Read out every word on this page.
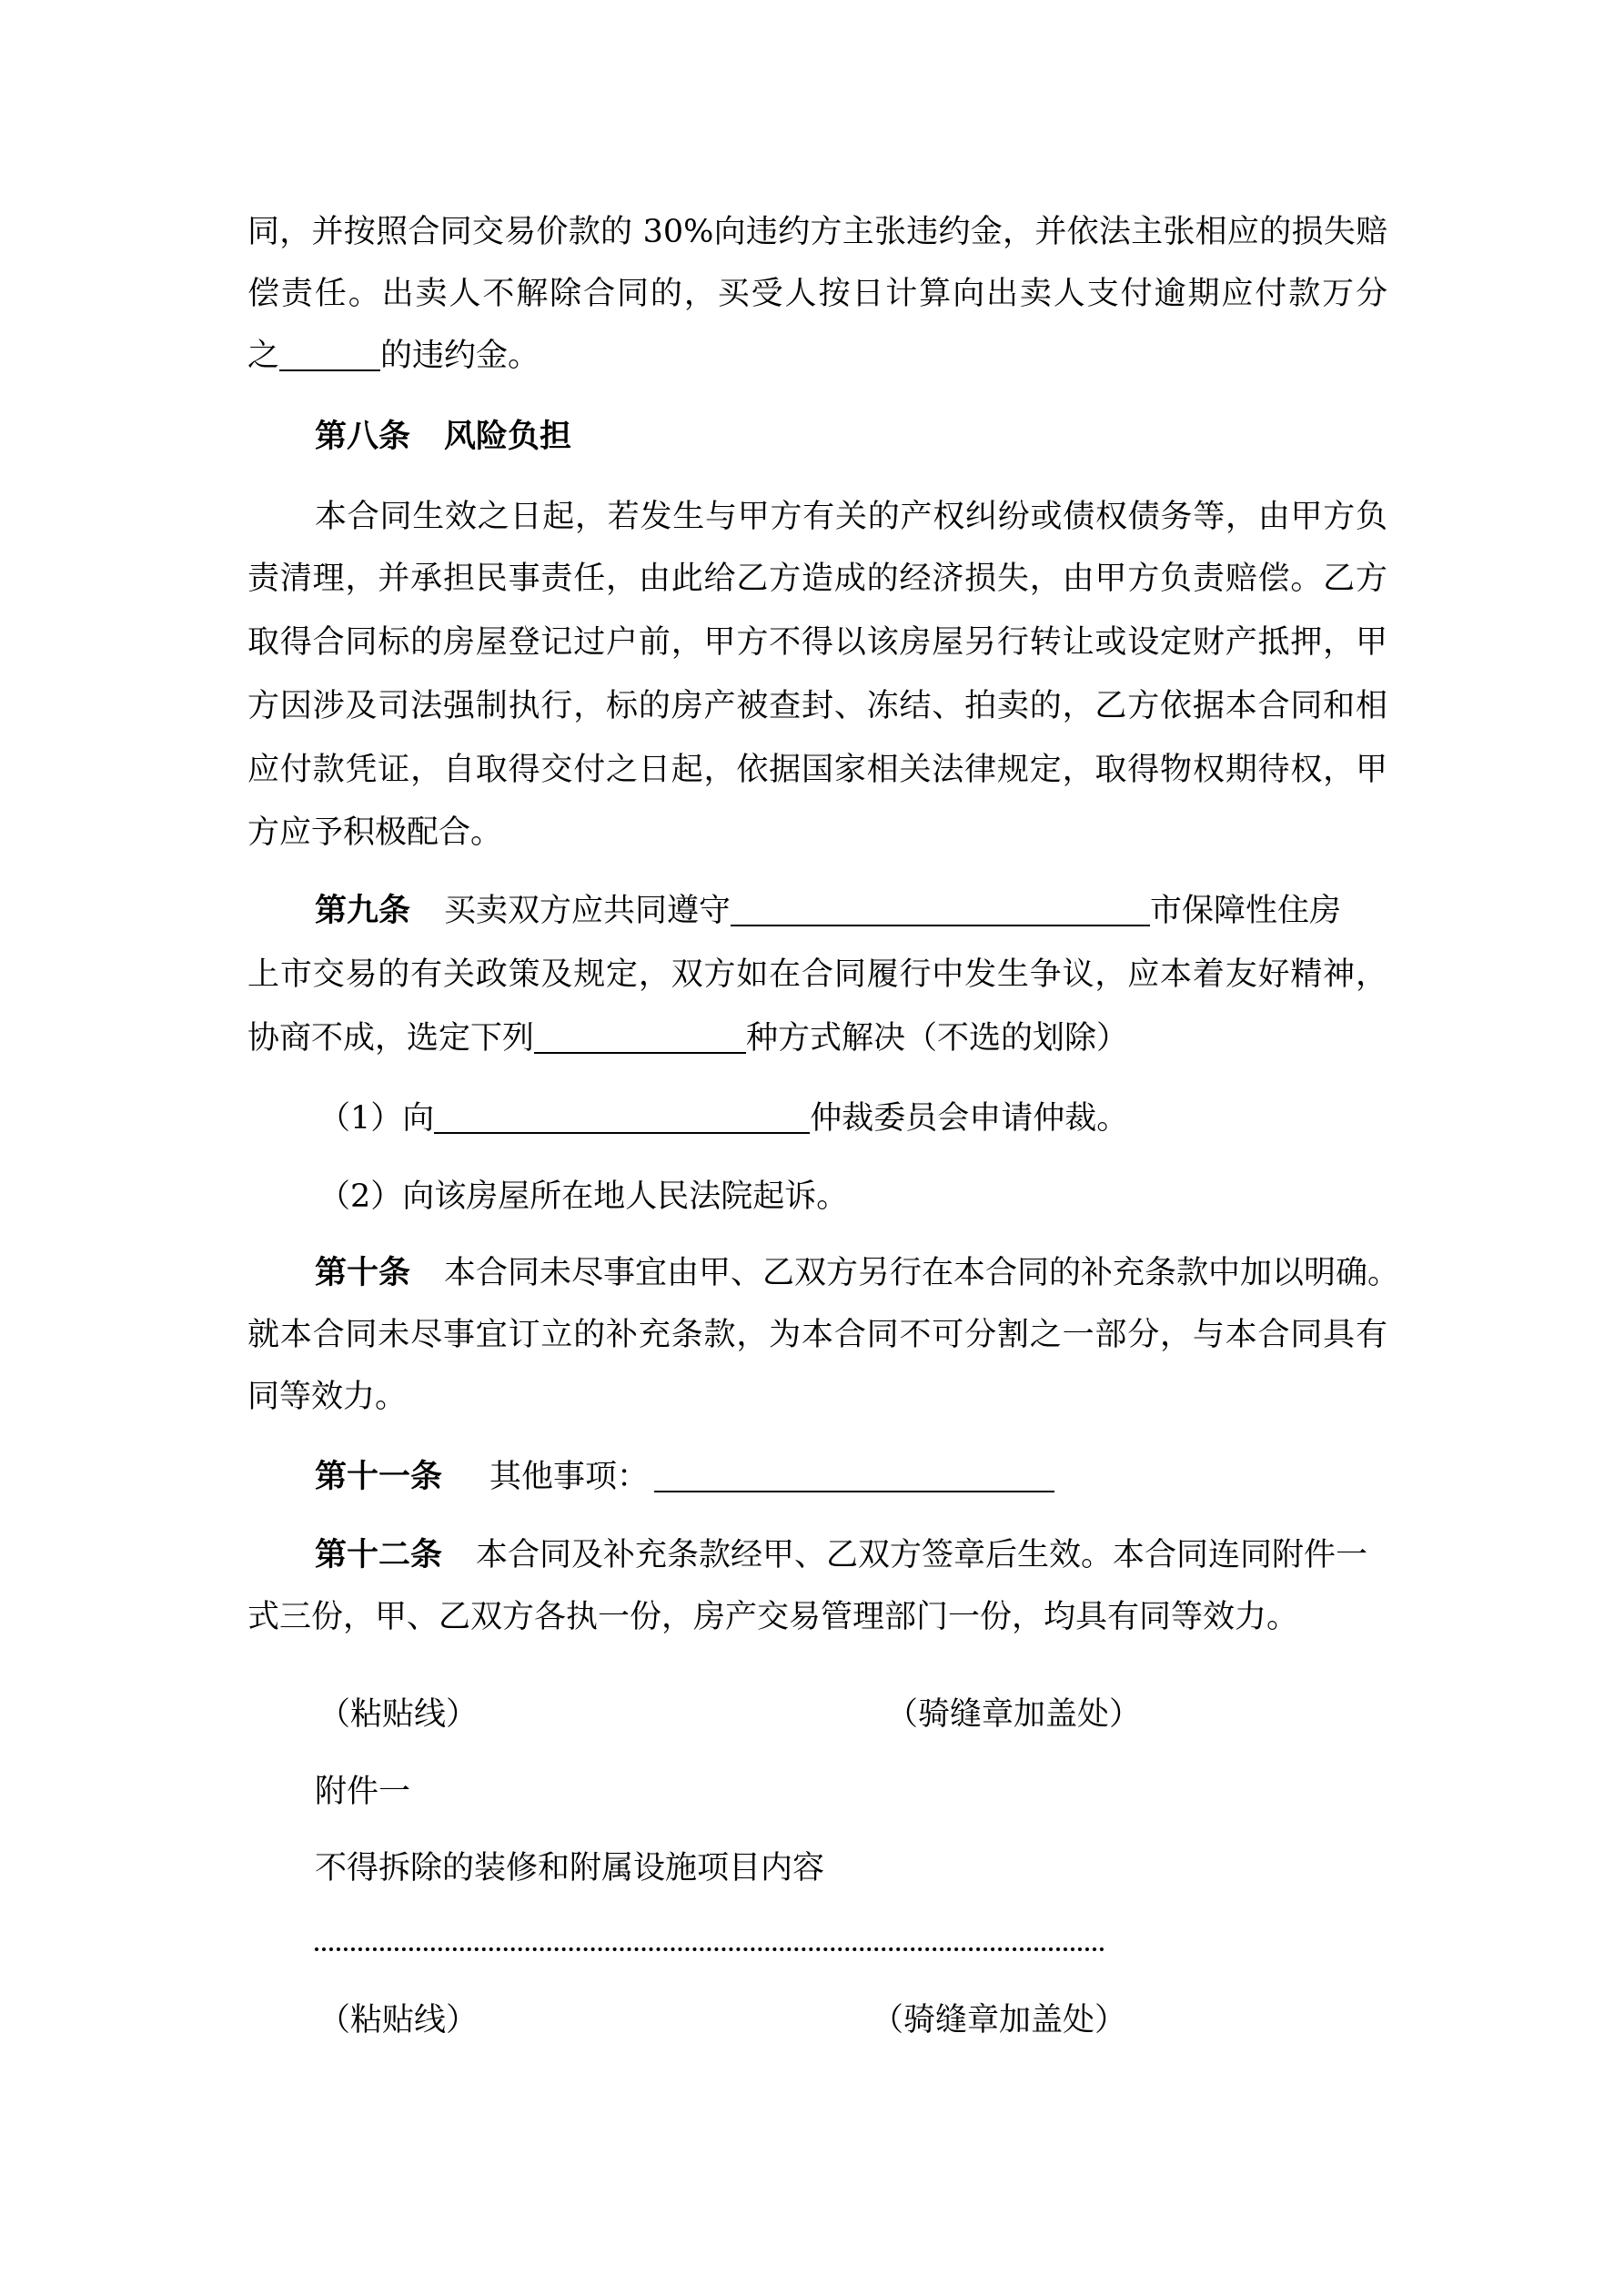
同，并按照合同交易价款的 30%向违约方主张违约金，并依法主张相应的损失赔
偿责任。出卖人不解除合同的，买受人按日计算向出卖人支付逾期应付款万分
之	的违约金。
第八条 风险负担
本合同生效之日起，若发生与甲方有关的产权纠纷或债权债务等，由甲方负
责清理，并承担民事责任，由此给乙方造成的经济损失，由甲方负责赔偿。乙方
取得合同标的房屋登记过户前，甲方不得以该房屋另行转让或设定财产抵押，甲
方因涉及司法强制执行，标的房产被查封、冻结、拍卖的，乙方依据本合同和相
应付款凭证，自取得交付之日起，依据国家相关法律规定，取得物权期待权，甲
方应予积极配合。
第九条 买卖双方应共同遵守	市保障性住房
上市交易的有关政策及规定，双方如在合同履行中发生争议，应本着友好精神，
协商不成，选定下列	种方式解决（不选的划除）
（1）向	仲裁委员会申请仲裁。
（2）向该房屋所在地人民法院起诉。
第十条 本合同未尽事宜由甲、乙双方另行在本合同的补充条款中加以明确。
就本合同未尽事宜订立的补充条款，为本合同不可分割之一部分，与本合同具有
同等效力。
第十一条 其他事项：
第十二条 本合同及补充条款经甲、乙双方签章后生效。本合同连同附件一
式三份，甲、乙双方各执一份，房产交易管理部门一份，均具有同等效力。
（粘贴线）	（骑缝章加盖处）
附件一
不得拆除的装修和附属设施项目内容
（粘贴线）	（骑缝章加盖处）
